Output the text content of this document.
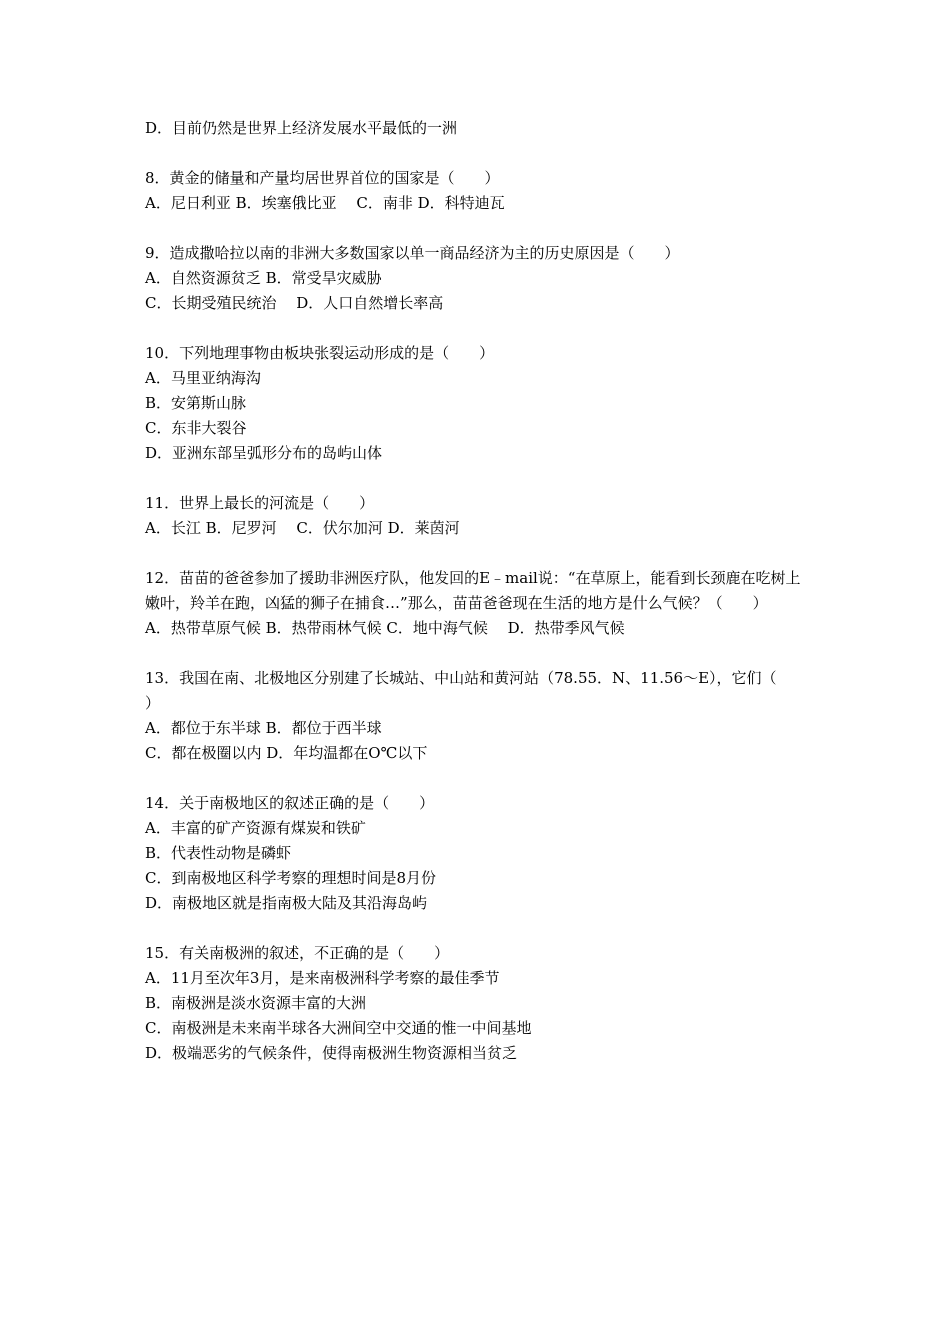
D．目前仍然是世界上经济发展水平最低的一洲
8．黄金的储量和产量均居世界首位的国家是（　　）
A．尼日利亚 B．埃塞俄比亚　 C．南非 D．科特迪瓦
9．造成撒哈拉以南的非洲大多数国家以单一商品经济为主的历史原因是（　　）
A．自然资源贫乏 B．常受旱灾威胁
C．长期受殖民统治　 D．人口自然增长率高
10．下列地理事物由板块张裂运动形成的是（　　）
A．马里亚纳海沟
B．安第斯山脉
C．东非大裂谷
D．亚洲东部呈弧形分布的岛屿山体
11．世界上最长的河流是（　　）
A．长江 B．尼罗河　 C．伏尔加河 D．莱茵河
12．苗苗的爸爸参加了援助非洲医疗队，他发回的E﹣mail说：“在草原上，能看到长颈鹿在吃树上嫩叶，羚羊在跑，凶猛的狮子在捕食…”那么，苗苗爸爸现在生活的地方是什么气候？（　　）
A．热带草原气候 B．热带雨林气候 C．地中海气候　 D．热带季风气候
13．我国在南、北极地区分别建了长城站、中山站和黄河站（78.55．N、11.56～E），它们（　　）
A．都位于东半球 B．都位于西半球
C．都在极圈以内 D．年均温都在O℃以下
14．关于南极地区的叙述正确的是（　　）
A．丰富的矿产资源有煤炭和铁矿
B．代表性动物是磷虾
C．到南极地区科学考察的理想时间是8月份
D．南极地区就是指南极大陆及其沿海岛屿
15．有关南极洲的叙述，不正确的是（　　）
A．11月至次年3月，是来南极洲科学考察的最佳季节
B．南极洲是淡水资源丰富的大洲
C．南极洲是未来南半球各大洲间空中交通的惟一中间基地
D．极端恶劣的气候条件，使得南极洲生物资源相当贫乏
